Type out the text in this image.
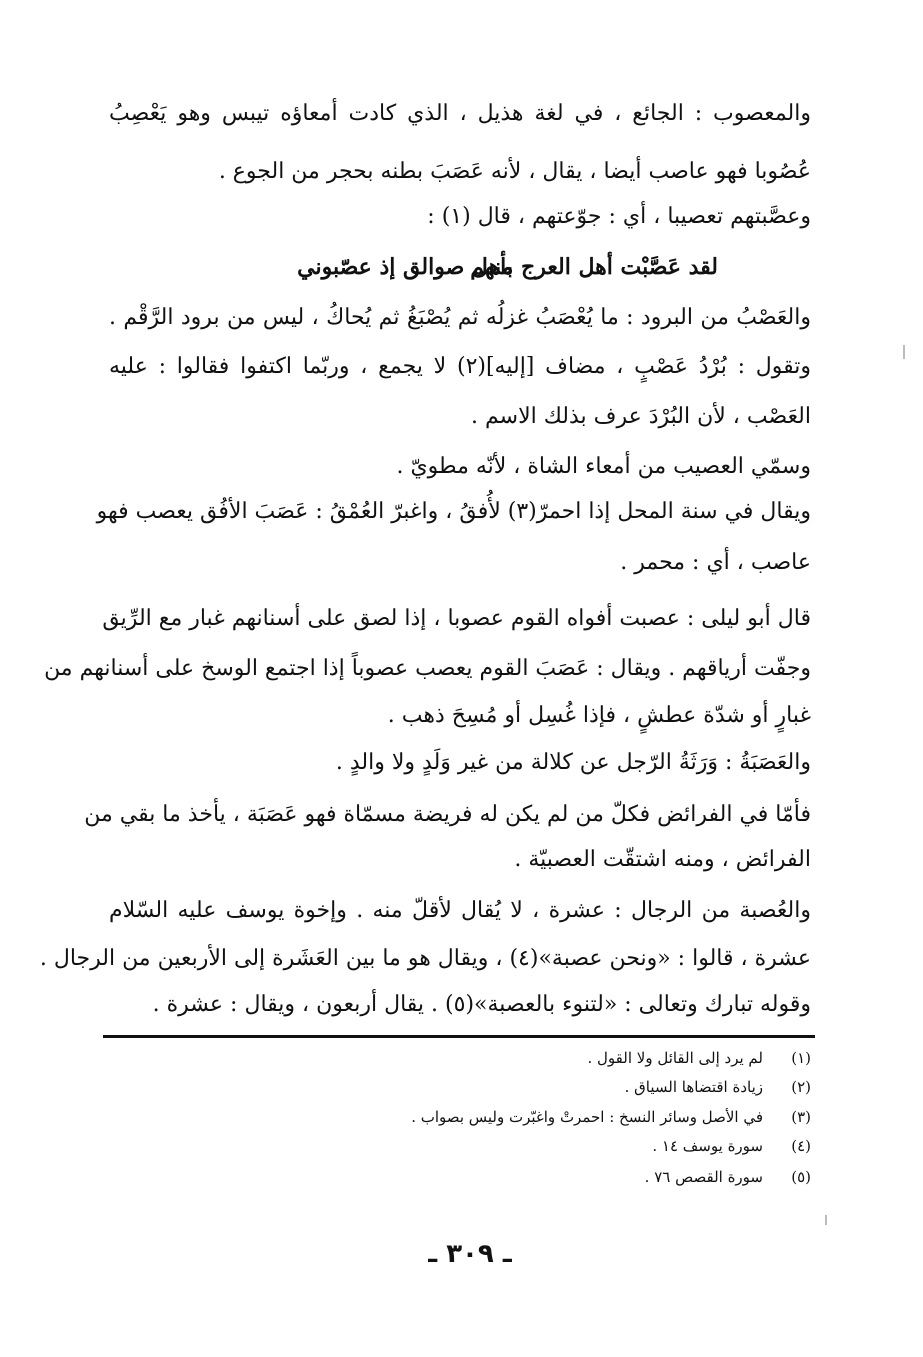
والمعصوب : الجائع ، في لغة هذيل ، الذي كادت أمعاؤه تيبس وهو يَعْصِبُ
عُصُوبا فهو عاصب أيضا ، يقال ، لأنه عَصَبَ بطنه بحجر من الجوع .
وعصَّبتهم تعصيبا ، أي : جوّعتهم ، قال (١) :
لقد عَصَّبْت أهل العرج منهم
بأهل صوالق إذ عصّبوني
والعَصْبُ من البرود : ما يُعْصَبُ غزلُه ثم يُصْبَغُ ثم يُحاكُ ، ليس من برود الرَّقْم .
وتقول : بُرْدُ عَصْبٍ ، مضاف [إليه](٢) لا يجمع ، وربّما اكتفوا فقالوا : عليه
العَصْب ، لأن البُرْدَ عرف بذلك الاسم .
وسمّي العصيب من أمعاء الشاة ، لأنّه مطويّ .
ويقال في سنة المحل إذا احمرّ(٣) لأُفقُ ، واغبرّ العُمْقُ : عَصَبَ الأفُق يعصب فهو
عاصب ، أي : محمر .
قال أبو ليلى : عصبت أفواه القوم عصوبا ، إذا لصق على أسنانهم غبار مع الرِّيق
وجفّت أرياقهم . ويقال : عَصَبَ القوم يعصب عصوباً إذا اجتمع الوسخ على أسنانهم من
غبارٍ أو شدّة عطشٍ ، فإذا غُسِل أو مُسِحَ ذهب .
والعَصَبَةُ : وَرَثَةُ الرّجل عن كلالة من غير وَلَدٍ ولا والدٍ .
فأمّا في الفرائض فكلّ من لم يكن له فريضة مسمّاة فهو عَصَبَة ، يأخذ ما بقي من
الفرائض ، ومنه اشتقّت العصبيّة .
والعُصبة من الرجال : عشرة ، لا يُقال لأقلّ منه . وإخوة يوسف عليه السّلام
عشرة ، قالوا : «ونحن عصبة»(٤) ، ويقال هو ما بين العَشَرة إلى الأربعين من الرجال .
وقوله تبارك وتعالى : «لتنوء بالعصبة»(٥) . يقال أربعون ، ويقال : عشرة .
(١)
لم يرد إلى القائل ولا القول .
(٢)
زيادة اقتضاها السياق .
(٣)
في الأصل وسائر النسخ : احمرتْ واغبّرت وليس بصواب .
(٤)
سورة يوسف ١٤ .
(٥)
سورة القصص ٧٦ .
ـ ٣٠٩ ـ
